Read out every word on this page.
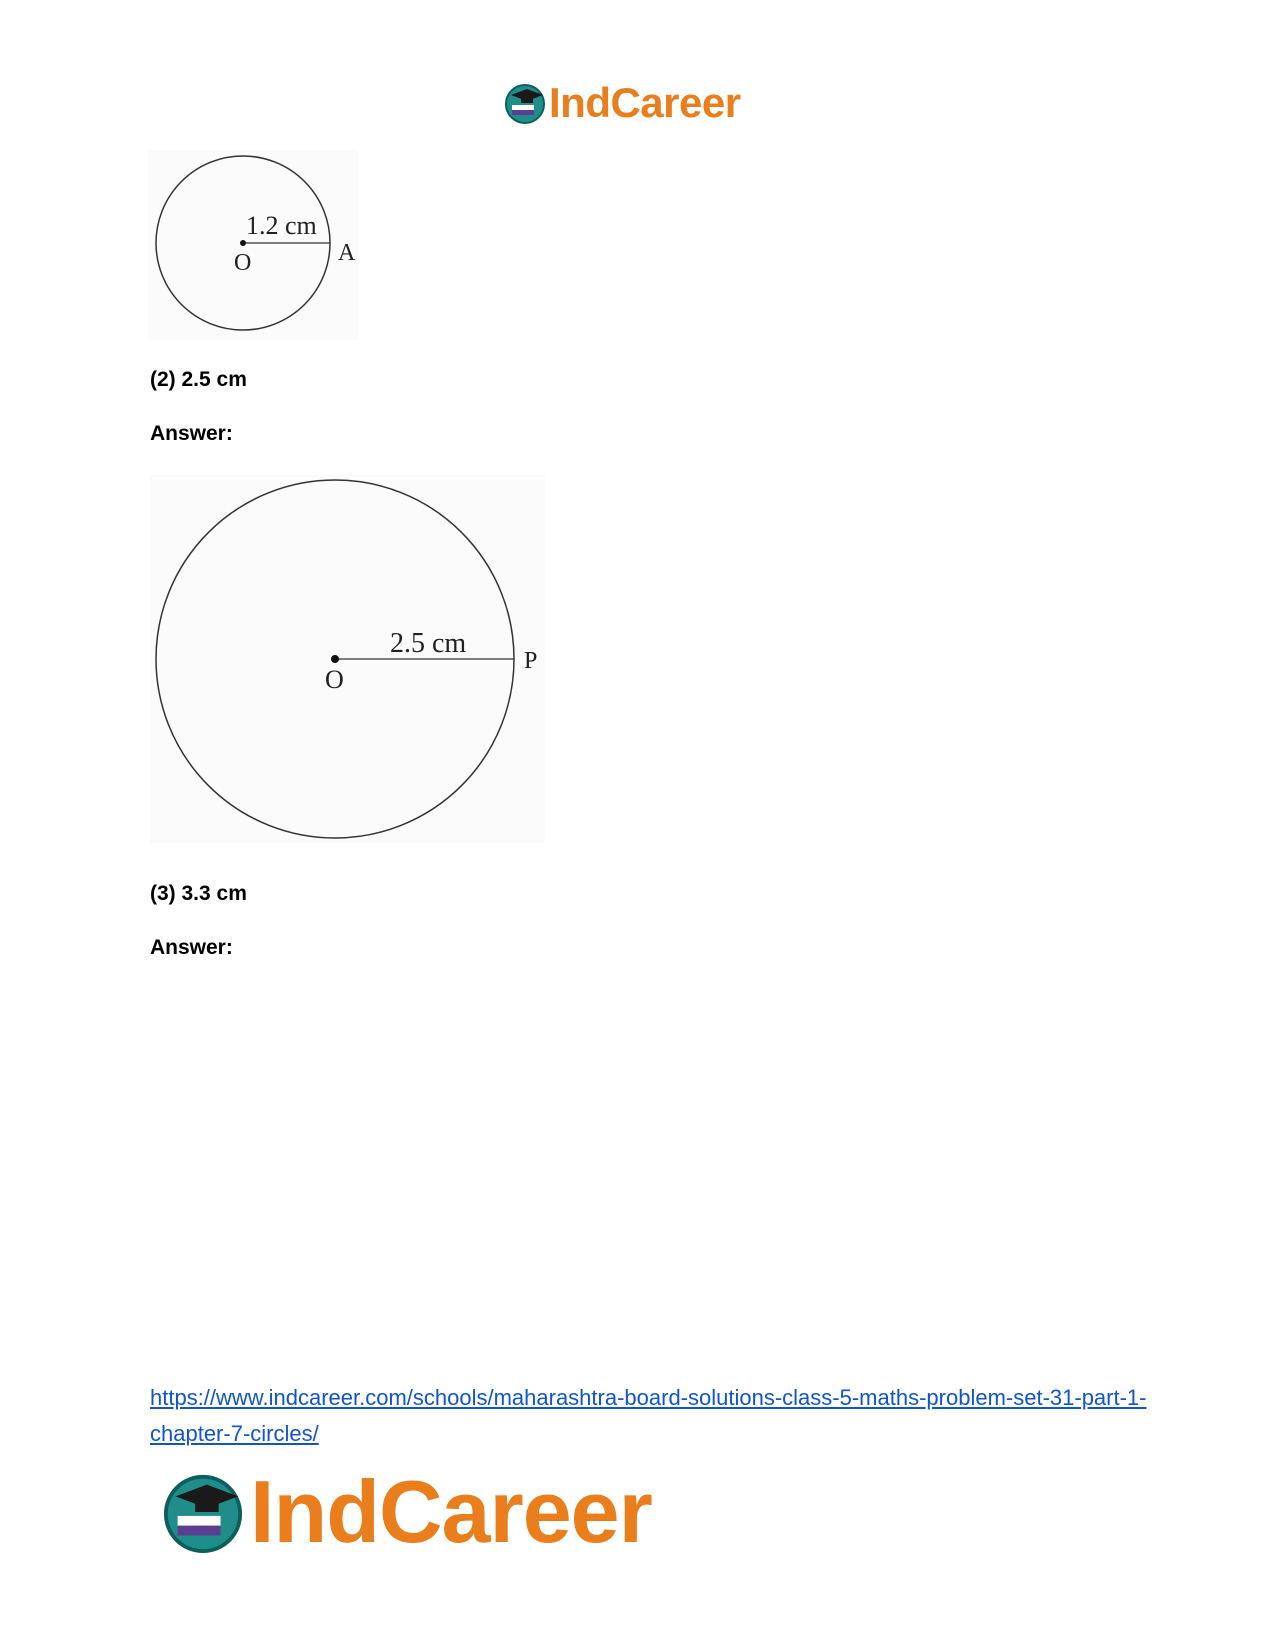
IndCareer
1.2 cm
O	A
(2) 2.5 cm
Answer:
2.5 cm
O
P
(3) 3.3 cm
Answer:
https://www.indcareer.com/schools/maharashtra-board-solutions-class-5-maths-problem-set-31-part-1-chapter-7-circles/
IndCareer
